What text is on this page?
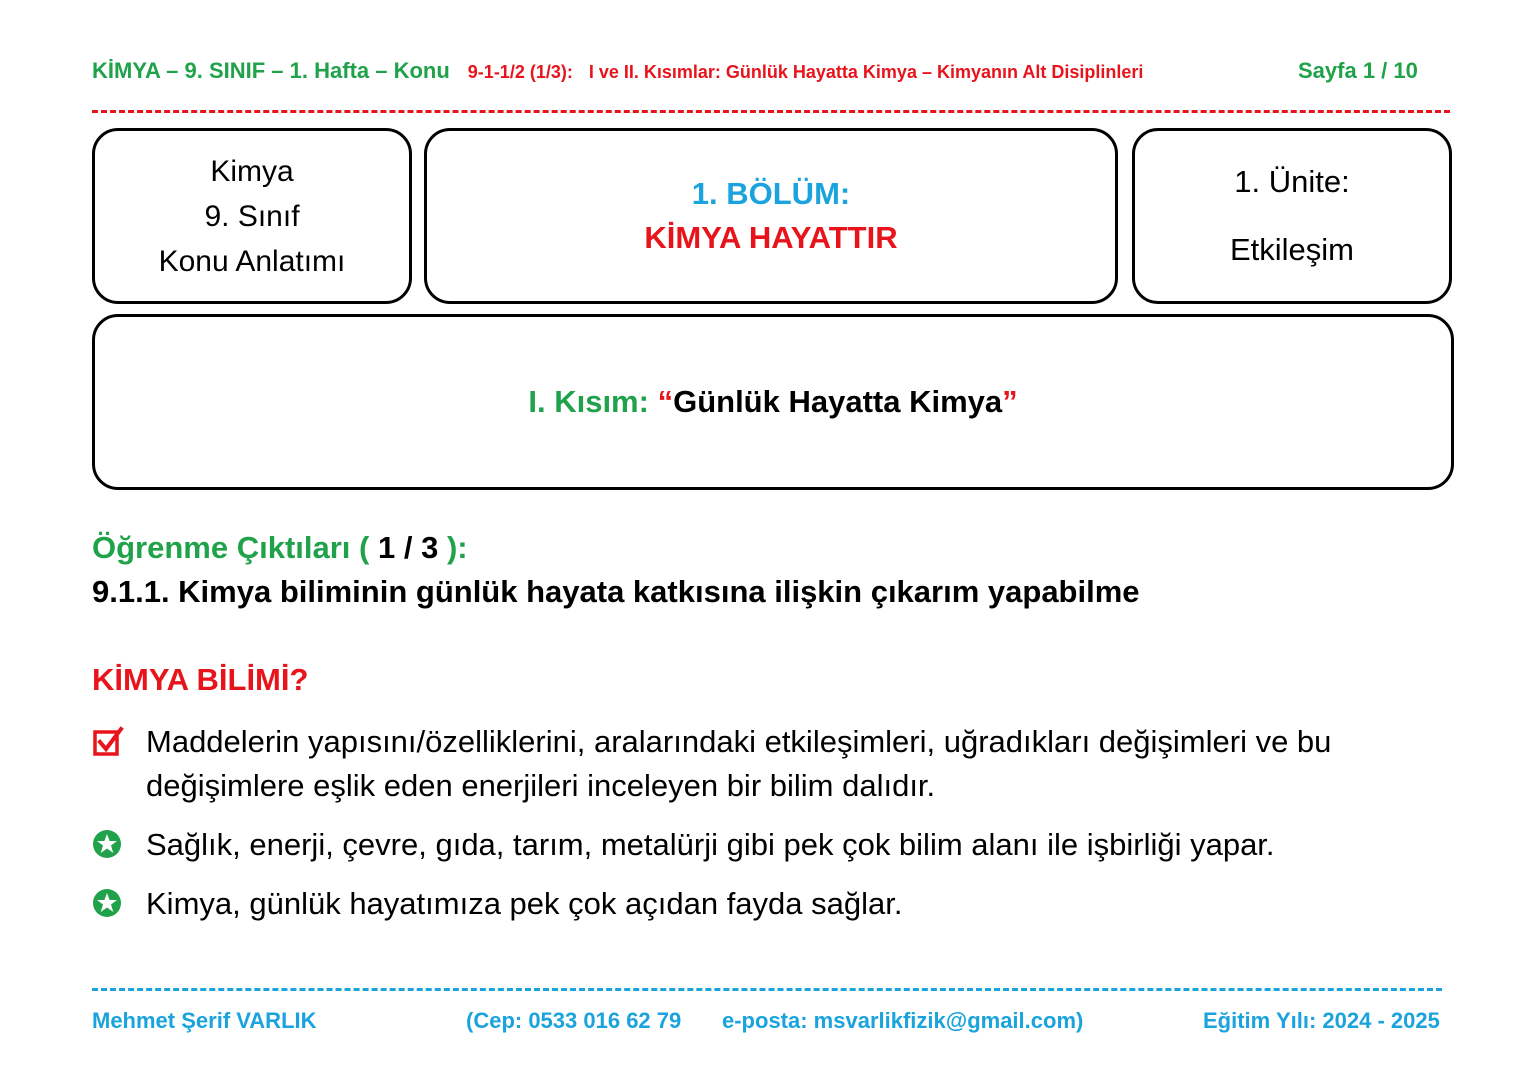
KİMYA – 9. SINIF – 1. Hafta – Konu 9-1-1/2 (1/3): I ve II. Kısımlar: Günlük Hayatta Kimya – Kimyanın Alt Disiplinleri	Sayfa 1 / 10
Kimya
9. Sınıf
Konu Anlatımı
1. BÖLÜM:
KİMYA HAYATTIR
1. Ünite:
Etkileşim
I. Kısım: “Günlük Hayatta Kimya”
Öğrenme Çıktıları ( 1 / 3 ):
9.1.1. Kimya biliminin günlük hayata katkısına ilişkin çıkarım yapabilme
KİMYA BİLİMİ?
Maddelerin yapısını/özelliklerini, aralarındaki etkileşimleri, uğradıkları değişimleri ve bu değişimlere eşlik eden enerjileri inceleyen bir bilim dalıdır.
Sağlık, enerji, çevre, gıda, tarım, metalürji gibi pek çok bilim alanı ile işbirliği yapar.
Kimya, günlük hayatımıza pek çok açıdan fayda sağlar.
Mehmet Şerif VARLIK	(Cep: 0533 016 62 79 e-posta: msvarlikfizik@gmail.com)	Eğitim Yılı: 2024 - 2025
